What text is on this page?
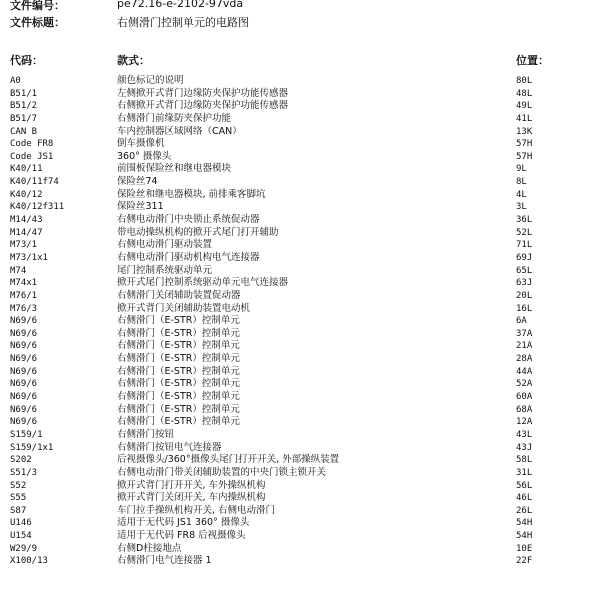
文件编号：	pe72.16-e-2102-97vda
文件标题：	右侧滑门控制单元的电路图
代码：	款式：	位置：
A0	颜色标记的说明	80L
B51/1	左侧掀开式背门边缘防夹保护功能传感器	48L
B51/2	右侧掀开式背门边缘防夹保护功能传感器	49L
B51/7	右侧滑门前缘防夹保护功能	41L
CAN B	车内控制器区域网络（CAN）	13K
Code FR8	倒车摄像机	57H
Code JS1	360° 摄像头	57H
K40/11	前围板保险丝和继电器模块	9L
K40/11f74	保险丝74	8L
K40/12	保险丝和继电器模块, 前排乘客脚坑	4L
K40/12f311	保险丝311	3L
M14/43	右侧电动滑门中央锁止系统促动器	36L
M14/47	带电动操纵机构的掀开式尾门打开辅助	52L
M73/1	右侧电动滑门驱动装置	71L
M73/1x1	右侧电动滑门驱动机构电气连接器	69J
M74	尾门控制系统驱动单元	65L
M74x1	掀开式尾门控制系统驱动单元电气连接器	63J
M76/1	右侧滑门关闭辅助装置促动器	20L
M76/3	掀开式背门关闭辅助装置电动机	16L
N69/6	右侧滑门（E-STR）控制单元	6A
N69/6	右侧滑门（E-STR）控制单元	37A
N69/6	右侧滑门（E-STR）控制单元	21A
N69/6	右侧滑门（E-STR）控制单元	28A
N69/6	右侧滑门（E-STR）控制单元	44A
N69/6	右侧滑门（E-STR）控制单元	52A
N69/6	右侧滑门（E-STR）控制单元	60A
N69/6	右侧滑门（E-STR）控制单元	68A
N69/6	右侧滑门（E-STR）控制单元	12A
S159/1	右侧滑门按钮	43L
S159/1x1	右侧滑门按钮电气连接器	43J
S202	后视摄像头/360°摄像头尾门打开开关, 外部操纵装置	58L
S51/3	右侧电动滑门带关闭辅助装置的中央门锁主锁开关	31L
S52	掀开式背门打开开关, 车外操纵机构	56L
S55	掀开式背门关闭开关, 车内操纵机构	46L
S87	车门拉手操纵机构开关, 右侧电动滑门	26L
U146	适用于无代码 JS1 360° 摄像头	54H
U154	适用于无代码 FR8 后视摄像头	54H
W29/9	右侧D柱接地点	10E
X100/13	右侧滑门电气连接器 1	22F
